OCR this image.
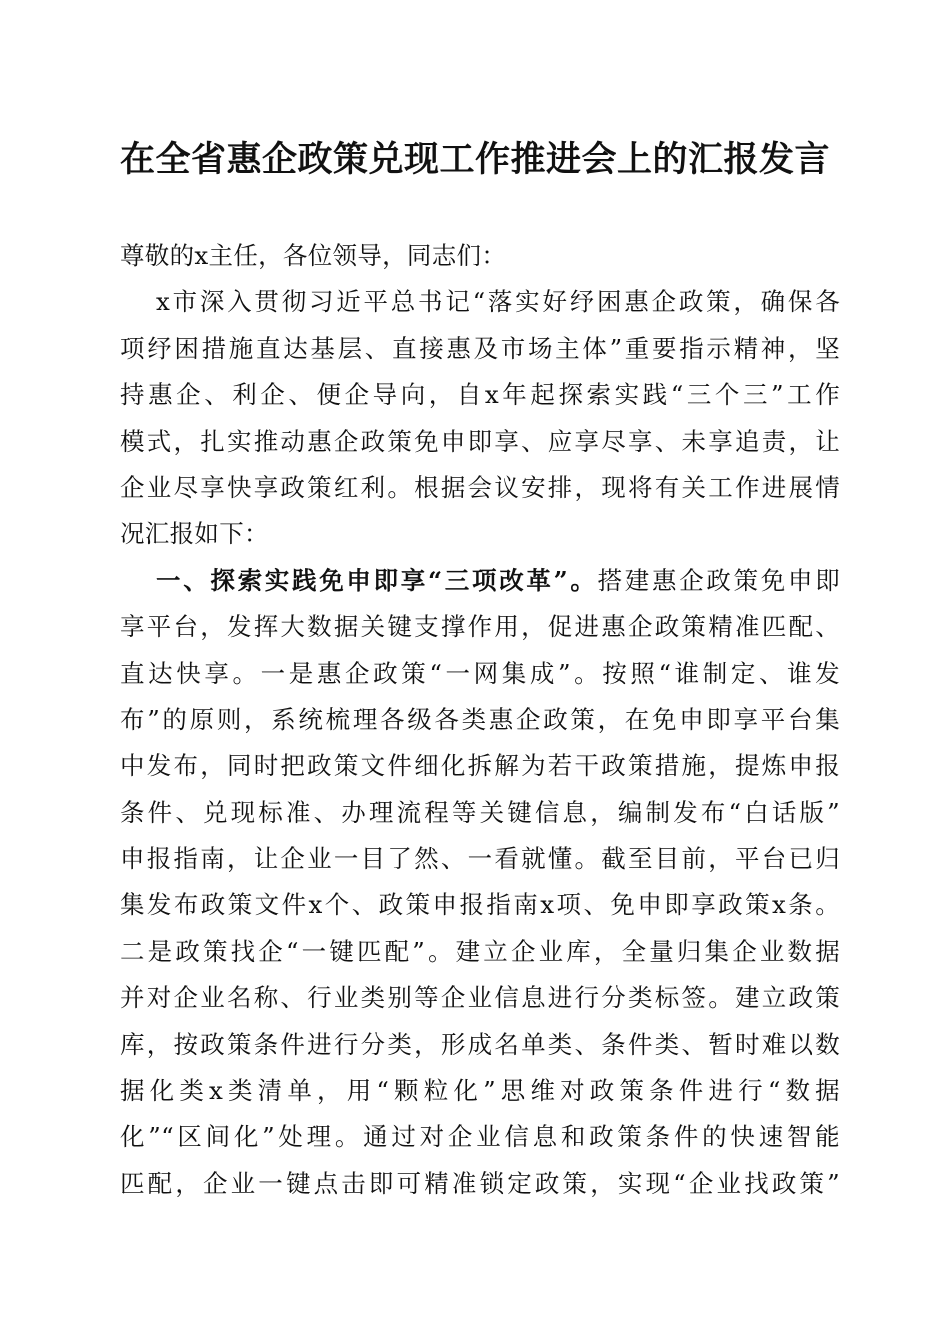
在全省惠企政策兑现工作推进会上的汇报发言
尊敬的x主任，各位领导，同志们：
x市深入贯彻习近平总书记“落实好纾困惠企政策，确保各
项纾困措施直达基层、直接惠及市场主体”重要指示精神，坚
持惠企、利企、便企导向，自x年起探索实践“三个三”工作
模式，扎实推动惠企政策免申即享、应享尽享、未享追责，让
企业尽享快享政策红利。根据会议安排，现将有关工作进展情
况汇报如下：
一、探索实践免申即享“三项改革”。搭建惠企政策免申即
享平台，发挥大数据关键支撑作用，促进惠企政策精准匹配、
直达快享。一是惠企政策“一网集成”。按照“谁制定、谁发
布”的原则，系统梳理各级各类惠企政策，在免申即享平台集
中发布，同时把政策文件细化拆解为若干政策措施，提炼申报
条件、兑现标准、办理流程等关键信息，编制发布“白话版”
申报指南，让企业一目了然、一看就懂。截至目前，平台已归
集发布政策文件x个、政策申报指南x项、免申即享政策x条。
二是政策找企“一键匹配”。建立企业库，全量归集企业数据
并对企业名称、行业类别等企业信息进行分类标签。建立政策
库，按政策条件进行分类，形成名单类、条件类、暂时难以数
据化类x类清单，用“颗粒化”思维对政策条件进行“数据
化”“区间化”处理。通过对企业信息和政策条件的快速智能
匹配，企业一键点击即可精准锁定政策，实现“企业找政策”
